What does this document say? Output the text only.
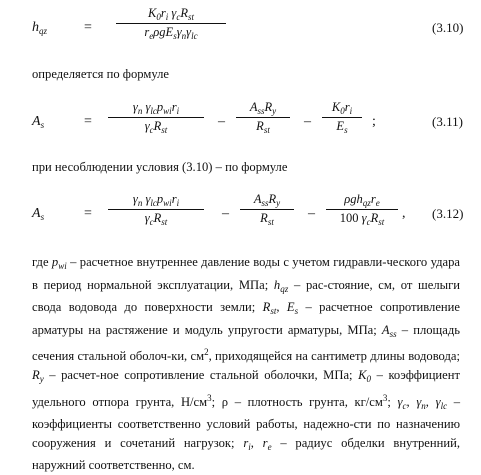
$h_{qz}$	=
$K_0r_i$ $\gamma_cR_{st}$
$r_e\rho gE_s\gamma_n\gamma_{lc}$
(3.10)
определяется по формуле
$A_s$	=
$\gamma_n$ $\gamma_{lc}p_{wi}r_i$
$\gamma_cR_{st}$
–
$A_{ss}R_y$
$R_{st}$
–
$K_0r_i$
$E_s$
;	(3.11)
при несоблюдении условия (3.10) – по формуле
$A_s$	=
$\gamma_n$ $\gamma_{lc}p_{wi}r_i$
$\gamma_cR_{st}$
–
$A_{ss}R_y$
$R_{st}$
–
$\rho gh_{qz}r_e$
100 $\gamma_cR_{st}$
, (3.12)
где $p_{wi}$ – расчетное внутреннее давление воды с учетом гидравли-ческого удара в период нормальной эксплуатации, МПа; $h_{qz}$ – рас-стояние, см, от шелыги свода водовода до поверхности земли; $R_{st}$, $E_s$ – расчетное сопротивление арматуры на растяжение и модуль упругости арматуры, МПа; $A_{ss}$ – площадь сечения стальной оболоч-ки, $см^2$, приходящейся на сантиметр длины водовода; $R_y$ – расчет-ное сопротивление стальной оболочки, МПа; $K_0$ – коэффициент удельного отпора грунта, $Н/см^3$; ρ – плотность грунта, $кг/см^3$; $\gamma_c$, $\gamma_n$, $\gamma_{lc}$ – коэффициенты соответственно условий работы, надежно-сти по назначению сооружения и сочетаний нагрузок; $r_i$, $r_e$ – радиус обделки внутренний, наружний соответственно, см.
